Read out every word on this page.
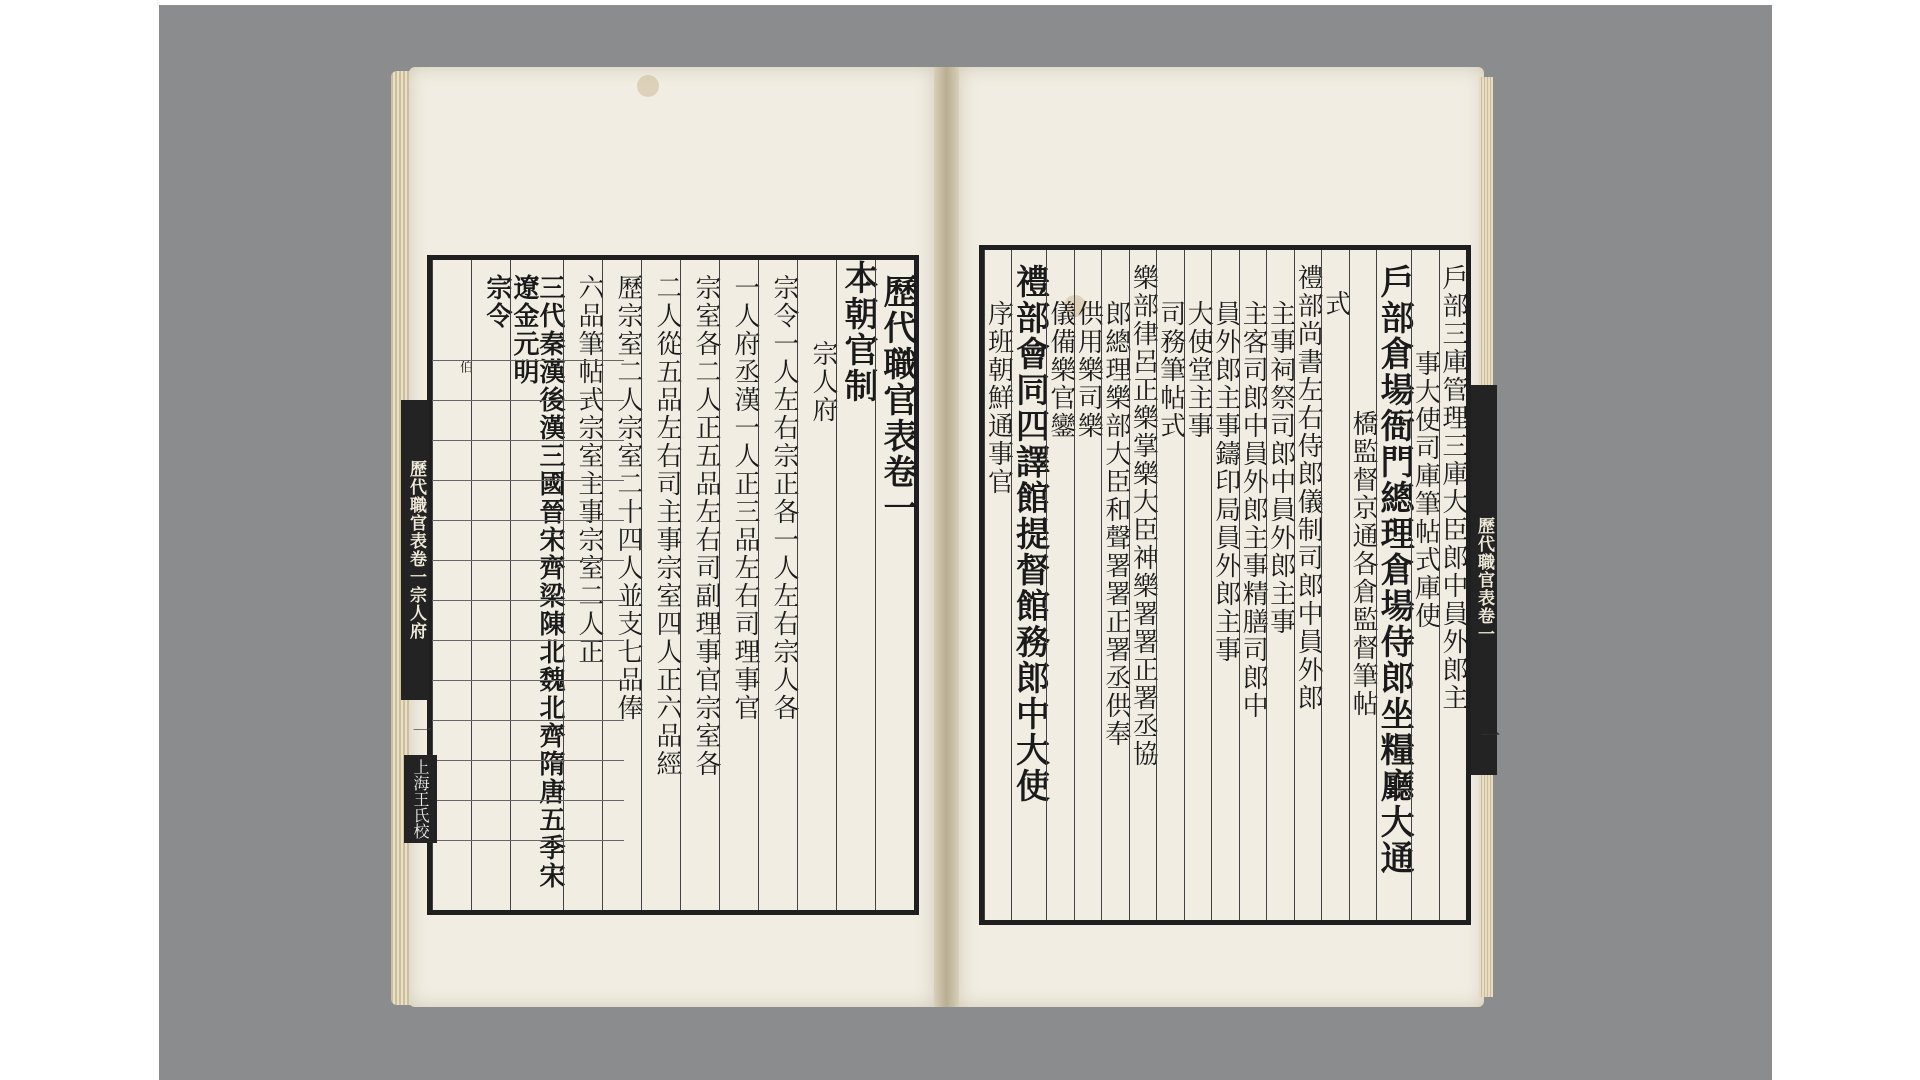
歷代職官表卷一
本朝官制
宗人府
宗令一人左右宗正各一人左右宗人各
一人府丞漢一人正三品左右司理事官
宗室各二人正五品左右司副理事官宗室各
二人從五品左右司主事宗室四人正六品經
歷宗室二人宗室二十四人並支七品俸
六品筆帖式宗室主事宗室二人正
三代秦漢後漢三國晉宋齊梁陳北魏北齊隋唐五季宋遼金元明
宗令
伯
歷代職官表卷一宗人府
上海王氏校
一
戶部三庫管理三庫大臣郎中員外郎主
事大使司庫筆帖式庫使
戶部倉場衙門總理倉場侍郎坐糧廳大通
橋監督京通各倉監督筆帖
式
禮部尚書左右侍郎儀制司郎中員外郎
主事祠祭司郎中員外郎主事
主客司郎中員外郎主事精膳司郎中
員外郎主事鑄印局員外郎主事
大使堂主事
司務筆帖式
樂部律呂正樂掌樂大臣神樂署署正署丞協
郎總理樂部大臣和聲署署正署丞供奉
供用樂司樂
儀備樂官鑾
禮部會同四譯館提督館務郎中大使
序班朝鮮通事官
歷代職官表卷一
一
